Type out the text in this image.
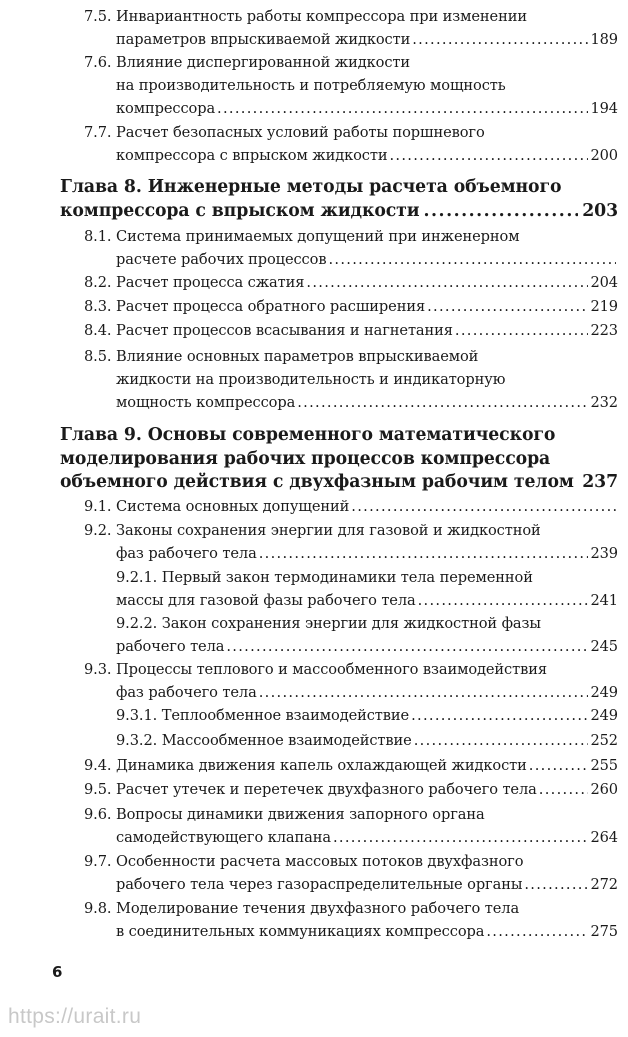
7.5.
Инвариантность работы компрессора при изменении
параметров впрыскиваемой жидкости .....	189
7.6.
Влияние диспергированной жидкости
на производительность и потребляемую мощность
компрессора .....	194
7.7.
Расчет безопасных условий работы поршневого
компрессора с впрыском жидкости .....	200
Глава 8. Инженерные методы расчета объемного
компрессора с впрыском жидкости .....	203
8.1.
Система принимаемых допущений при инженерном
расчете рабочих процессов
.....
8.2.
Расчет процесса сжатия .....	204
8.3.
Расчет процесса обратного расширения .....	219
8.4.
Расчет процессов всасывания и нагнетания .....	223
8.5.
Влияние основных параметров впрыскиваемой
жидкости на производительность и индикаторную
мощность компрессора .....	232
Глава 9. Основы современного математического
моделирования рабочих процессов компрессора
объемного действия с двухфазным рабочим телом ..... 237
9.1.
Система основных допущений
.....
9.2.
Законы сохранения энергии для газовой и жидкостной
фаз рабочего тела .....	239
9.2.1.
Первый закон термодинамики тела переменной
массы для газовой фазы рабочего тела .....	241
9.2.2.
Закон сохранения энергии для жидкостной фазы
рабочего тела .....	245
9.3.
Процессы теплового и массообменного взаимодействия
фаз рабочего тела .....	249
9.3.1.
Теплообменное взаимодействие .....	249
9.3.2.
Массообменное взаимодействие .....	252
9.4.
Динамика движения капель охлаждающей жидкости .....	255
9.5.
Расчет утечек и перетечек двухфазного рабочего тела .....	260
9.6.
Вопросы динамики движения запорного органа
самодействующего клапана .....	264
9.7.
Особенности расчета массовых потоков двухфазного
рабочего тела через газораспределительные органы .....	272
9.8.
Моделирование течения двухфазного рабочего тела
в соединительных коммуникациях компрессора .....	275
6
https://urait.ru
